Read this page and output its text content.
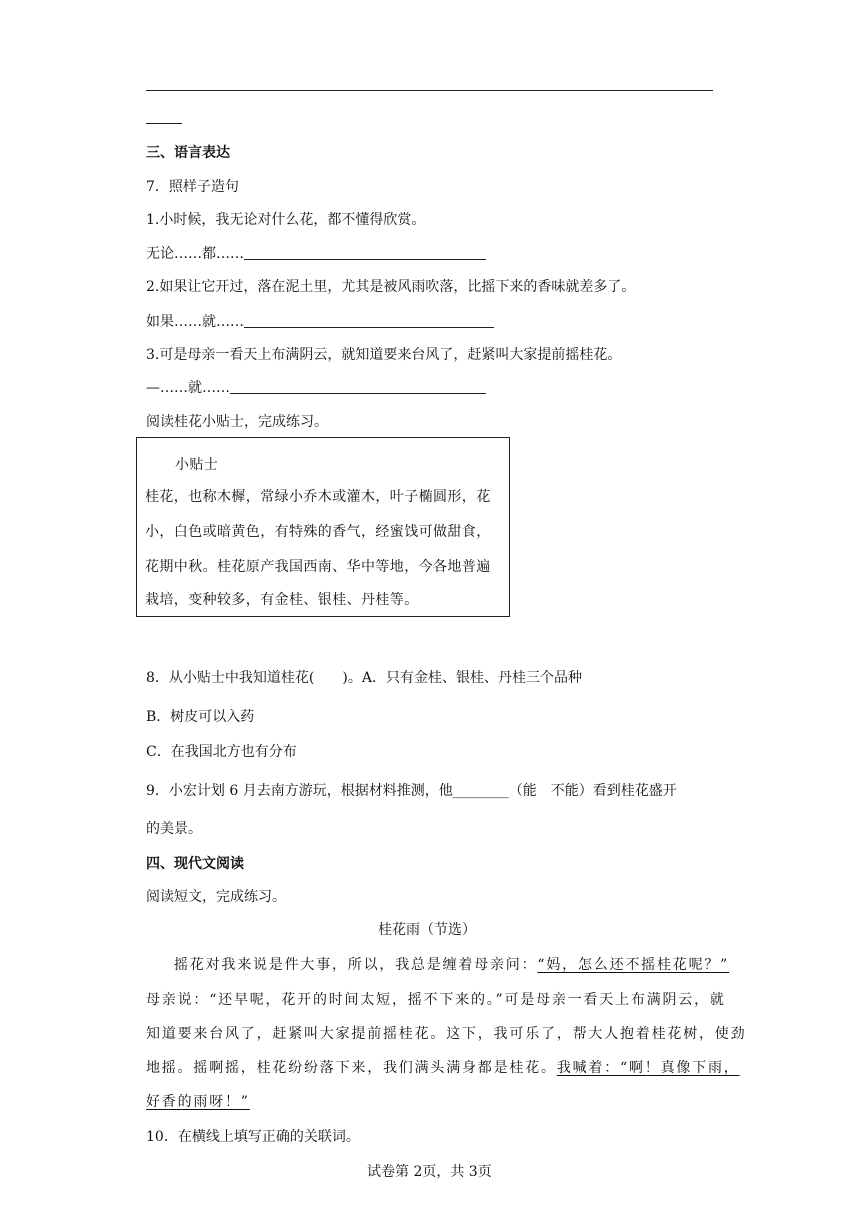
三、语言表达
7．照样子造句
1.小时候，我无论对什么花，都不懂得欣赏。
无论……都……
2.如果让它开过，落在泥土里，尤其是被风雨吹落，比摇下来的香味就差多了。
如果……就……
3.可是母亲一看天上布满阴云，就知道要来台风了，赶紧叫大家提前摇桂花。
—……就……
阅读桂花小贴士，完成练习。
小贴士
桂花，也称木樨，常绿小乔木或灌木，叶子椭圆形，花
小，白色或暗黄色，有特殊的香气，经蜜饯可做甜食，
花期中秋。桂花原产我国西南、华中等地，今各地普遍
栽培，变种较多，有金桂、银桂、丹桂等。
8．从小贴士中我知道桂花(　　)。A．只有金桂、银桂、丹桂三个品种
B．树皮可以入药
C．在我国北方也有分布
9．小宏计划 6 月去南方游玩，根据材料推测，他________（能　不能）看到桂花盛开
的美景。
四、现代文阅读
阅读短文，完成练习。
桂花雨（节选）
摇花对我来说是件大事，所以，我总是缠着母亲问：“妈，怎么还不摇桂花呢？”
母亲说：“还早呢，花开的时间太短，摇不下来的。”可是母亲一看天上布满阴云，就
知道要来台风了，赶紧叫大家提前摇桂花。这下，我可乐了，帮大人抱着桂花树，使劲
地摇。摇啊摇，桂花纷纷落下来，我们满头满身都是桂花。我喊着：“啊！真像下雨，
好香的雨呀！”
10．在横线上填写正确的关联词。
试卷第 2页，共 3页
